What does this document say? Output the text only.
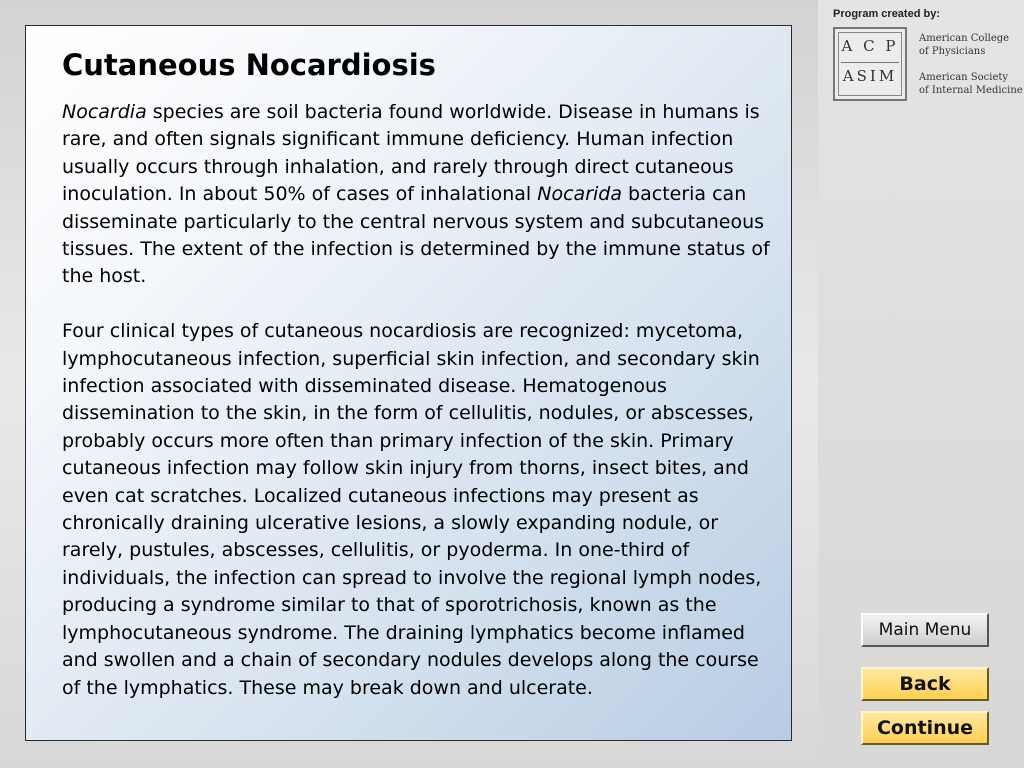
Cutaneous Nocardiosis

Nocardia species are soil bacteria found worldwide. Disease in humans is rare, and often signals significant immune deficiency. Human infection usually occurs through inhalation, and rarely through direct cutaneous inoculation. In about 50% of cases of inhalational Nocarida bacteria can disseminate particularly to the central nervous system and subcutaneous tissues. The extent of the infection is determined by the immune status of the host.

Four clinical types of cutaneous nocardiosis are recognized: mycetoma, lymphocutaneous infection, superficial skin infection, and secondary skin infection associated with disseminated disease. Hematogenous dissemination to the skin, in the form of cellulitis, nodules, or abscesses, probably occurs more often than primary infection of the skin. Primary cutaneous infection may follow skin injury from thorns, insect bites, and even cat scratches. Localized cutaneous infections may present as chronically draining ulcerative lesions, a slowly expanding nodule, or rarely, pustules, abscesses, cellulitis, or pyoderma. In one-third of individuals, the infection can spread to involve the regional lymph nodes, producing a syndrome similar to that of sporotrichosis, known as the lymphocutaneous syndrome. The draining lymphatics become inflamed and swollen and a chain of secondary nodules develops along the course of the lymphatics. These may break down and ulcerate.

Program created by:
A C P
ASIM
American College
of Physicians
American Society
of Internal Medicine
Main Menu
Back
Continue
